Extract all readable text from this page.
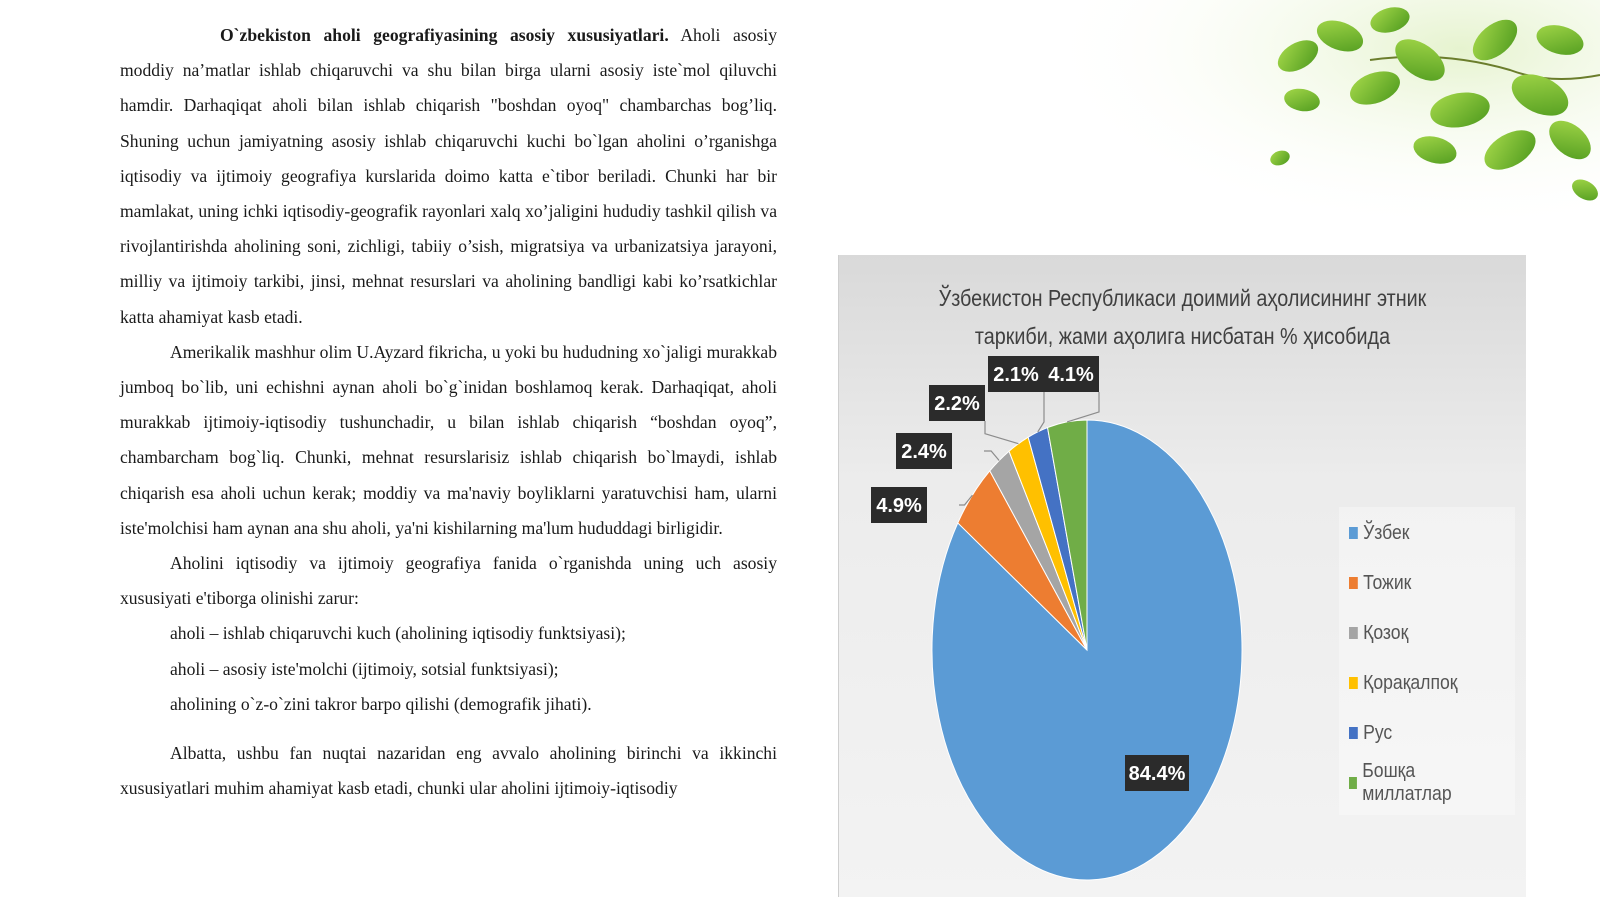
O`zbekiston aholi geografiyasining asosiy xususiyatlari. Aholi asosiy moddiy na’matlar ishlab chiqaruvchi va shu bilan birga ularni asosiy iste`mol qiluvchi hamdir. Darhaqiqat aholi bilan ishlab chiqarish "boshdan oyoq" chambarchas bog’liq. Shuning uchun jamiyatning asosiy ishlab chiqaruvchi kuchi bo`lgan aholini o’rganishga iqtisodiy va ijtimoiy geografiya kurslarida doimo katta e`tibor beriladi. Chunki har bir mamlakat, uning ichki iqtisodiy-geografik rayonlari xalq xo’jaligini hududiy tashkil qilish va rivojlantirishda aholining soni, zichligi, tabiiy o’sish, migratsiya va urbanizatsiya jarayoni, milliy va ijtimoiy tarkibi, jinsi, mehnat resurslari va aholining bandligi kabi ko’rsatkichlar katta ahamiyat kasb etadi.

Amerikalik mashhur olim U.Ayzard fikricha, u yoki bu hududning xo`jaligi murakkab jumboq bo`lib, uni echishni aynan aholi bo`g`inidan boshlamoq kerak. Darhaqiqat, aholi murakkab ijtimoiy-iqtisodiy tushunchadir, u bilan ishlab chiqarish “boshdan oyoq”, chambarcham bog`liq. Chunki, mehnat resurslarisiz ishlab chiqarish bo`lmaydi, ishlab chiqarish esa aholi uchun kerak; moddiy va ma'naviy boyliklarni yaratuvchisi ham, ularni iste'molchisi ham aynan ana shu aholi, ya'ni kishilarning ma'lum hududdagi birligidir.

Aholini iqtisodiy va ijtimoiy geografiya fanida o`rganishda uning uch asosiy xususiyati e'tiborga olinishi zarur:

aholi – ishlab chiqaruvchi kuch (aholining iqtisodiy funktsiyasi);

aholi – asosiy iste'molchi (ijtimoiy, sotsial funktsiyasi);

aholining o`z-o`zini takror barpo qilishi (demografik jihati).

Albatta, ushbu fan nuqtai nazaridan eng avvalo aholining birinchi va ikkinchi xususiyatlari muhim ahamiyat kasb etadi, chunki ular aholini ijtimoiy-iqtisodiy

Ўзбекистон Республикаси доимий аҳолисининг этник
таркиби, жами аҳолига нисбатан % ҳисобида
84.4%
4.9%
2.4%
2.2%
2.1% 4.1%
Ўзбек
Тожик
Қозоқ
Қорақалпоқ
Рус
Бошқа миллатлар
